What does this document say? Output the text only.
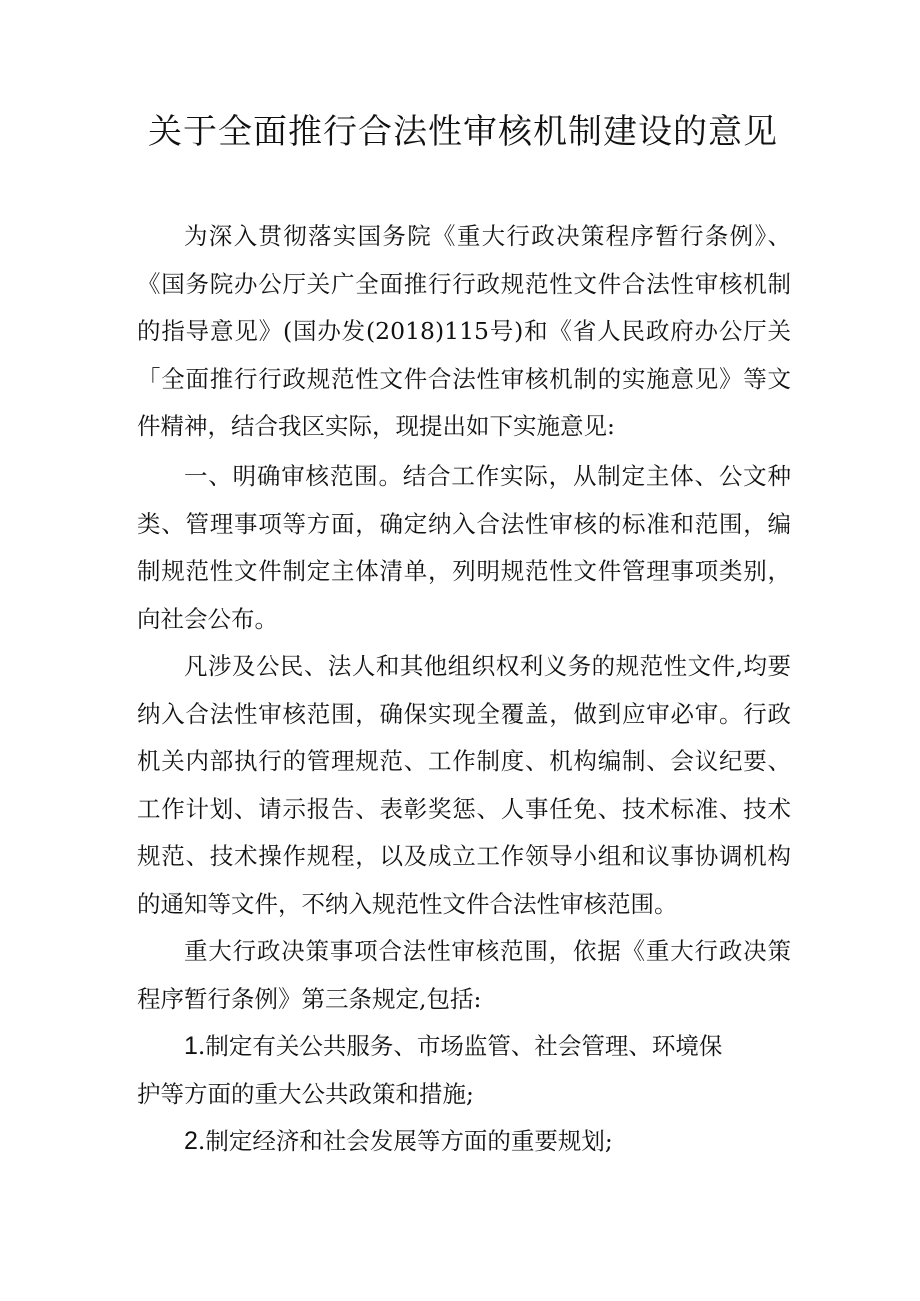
关于全面推行合法性审核机制建设的意见

为深入贯彻落实国务院《重大行政决策程序暂行条例》、《国务院办公厅关广全面推行行政规范性文件合法性审核机制的指导意见》(国办发(2018)115号)和《省人民政府办公厅关「全面推行行政规范性文件合法性审核机制的实施意见》等文件精神，结合我区实际，现提出如下实施意见:

一、明确审核范围。结合工作实际，从制定主体、公文种类、管理事项等方面，确定纳入合法性审核的标准和范围，编制规范性文件制定主体清单，列明规范性文件管理事项类别，向社会公布。

凡涉及公民、法人和其他组织权利义务的规范性文件,均要纳入合法性审核范围，确保实现全覆盖，做到应审必审。行政机关内部执行的管理规范、工作制度、机构编制、会议纪要、工作计划、请示报告、表彰奖惩、人事任免、技术标准、技术规范、技术操作规程，以及成立工作领导小组和议事协调机构的通知等文件，不纳入规范性文件合法性审核范围。

重大行政决策事项合法性审核范围，依据《重大行政决策程序暂行条例》第三条规定,包括:

1.制定有关公共服务、市场监管、社会管理、环境保护等方面的重大公共政策和措施;

2.制定经济和社会发展等方面的重要规划;
